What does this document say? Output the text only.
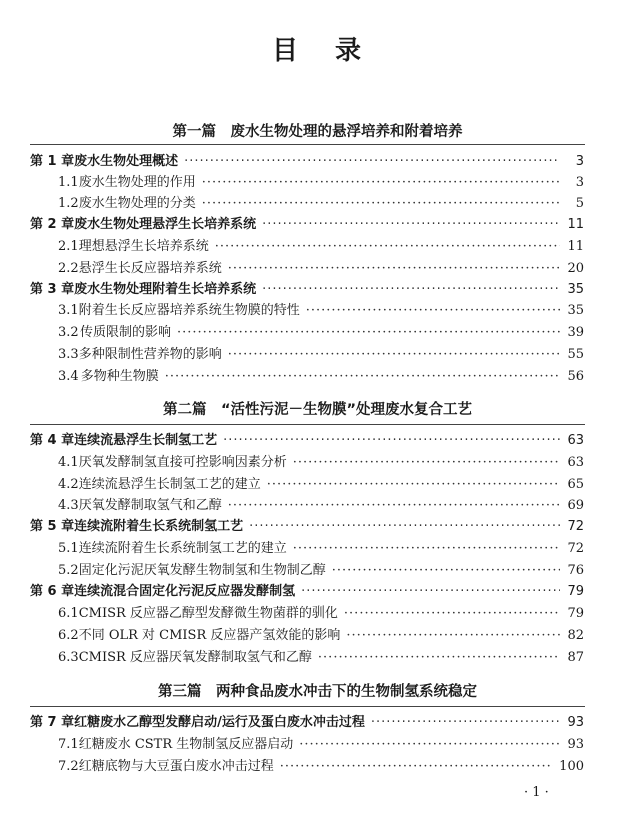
目 录
第一篇　废水生物处理的悬浮培养和附着培养
第 1 章 废水生物处理概述 ·····	3
1.1 废水生物处理的作用 ·····	3
1.2 废水生物处理的分类 ·····	5
第 2 章 废水生物处理悬浮生长培养系统 ·····	11
2.1 理想悬浮生长培养系统 ·····	11
2.2 悬浮生长反应器培养系统 ·····	20
第 3 章 废水生物处理附着生长培养系统 ·····	35
3.1 附着生长反应器培养系统生物膜的特性 ·····	35
3.2 传质限制的影响 ·····	39
3.3 多种限制性营养物的影响 ·····	55
3.4 多物种生物膜 ·····	56
第二篇　“活性污泥－生物膜”处理废水复合工艺
第 4 章 连续流悬浮生长制氢工艺 ·····	63
4.1 厌氧发酵制氢直接可控影响因素分析 ·····	63
4.2 连续流悬浮生长制氢工艺的建立 ·····	65
4.3 厌氧发酵制取氢气和乙醇 ·····	69
第 5 章 连续流附着生长系统制氢工艺 ·····	72
5.1 连续流附着生长系统制氢工艺的建立 ·····	72
5.2 固定化污泥厌氧发酵生物制氢和生物制乙醇 ·····	76
第 6 章 连续流混合固定化污泥反应器发酵制氢 ·····	79
6.1 CMISR 反应器乙醇型发酵微生物菌群的驯化 ·····	79
6.2 不同 OLR 对 CMISR 反应器产氢效能的影响 ·····	82
6.3 CMISR 反应器厌氧发酵制取氢气和乙醇 ·····	87
第三篇　两种食品废水冲击下的生物制氢系统稳定
第 7 章 红糖废水乙醇型发酵启动/运行及蛋白废水冲击过程 ·····	93
7.1 红糖废水 CSTR 生物制氢反应器启动 ·····	93
7.2 红糖底物与大豆蛋白废水冲击过程 ·····	100
· 1 ·
